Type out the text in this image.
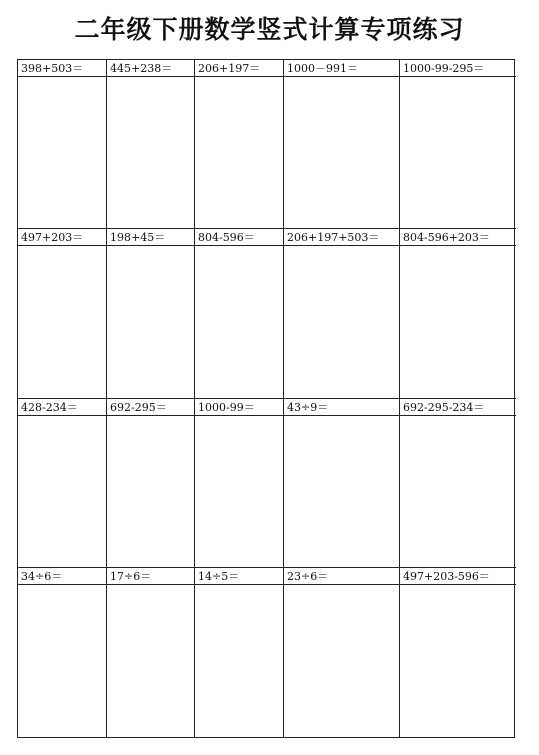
二年级下册数学竖式计算专项练习
398+503＝	445+238＝	206+197＝	1000－991＝	1000-99-295＝
497+203＝	198+45＝	804-596＝	206+197+503＝	804-596+203＝
428-234＝	692-295＝	1000-99＝	43÷9＝	692-295-234＝
34÷6＝	17÷6＝	14÷5＝	23÷6＝	497+203-596＝
